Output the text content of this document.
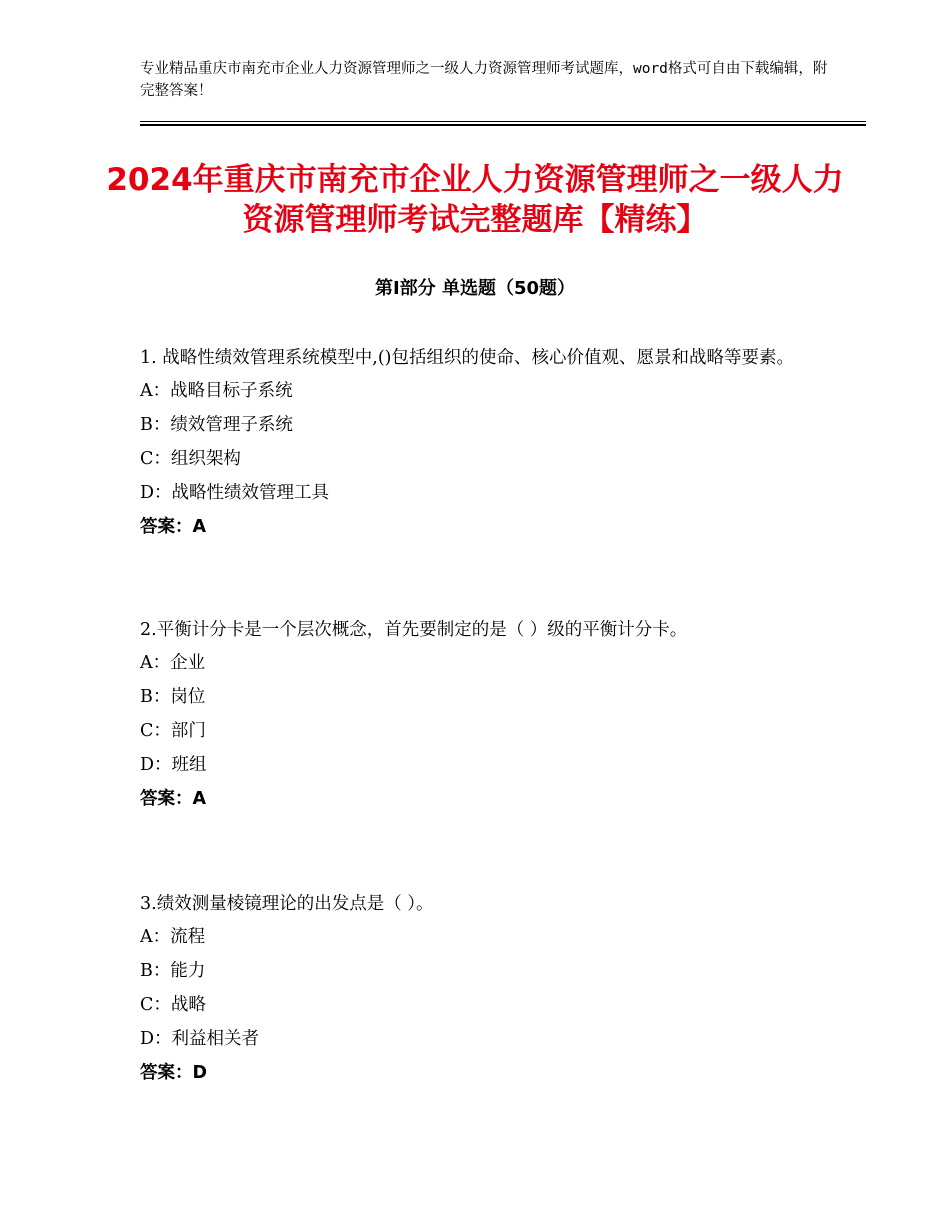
专业精品重庆市南充市企业人力资源管理师之一级人力资源管理师考试题库，word格式可自由下载编辑，附完整答案！
2024年重庆市南充市企业人力资源管理师之一级人力资源管理师考试完整题库【精练】
第Ⅰ部分 单选题（50题）
1. 战略性绩效管理系统模型中,()包括组织的使命、核心价值观、愿景和战略等要素。
A：战略目标子系统
B：绩效管理子系统
C：组织架构
D：战略性绩效管理工具
答案：A
2.平衡计分卡是一个层次概念，首先要制定的是（ ）级的平衡计分卡。
A：企业
B：岗位
C：部门
D：班组
答案：A
3.绩效测量棱镜理论的出发点是（ ）。
A：流程
B：能力
C：战略
D：利益相关者
答案：D
